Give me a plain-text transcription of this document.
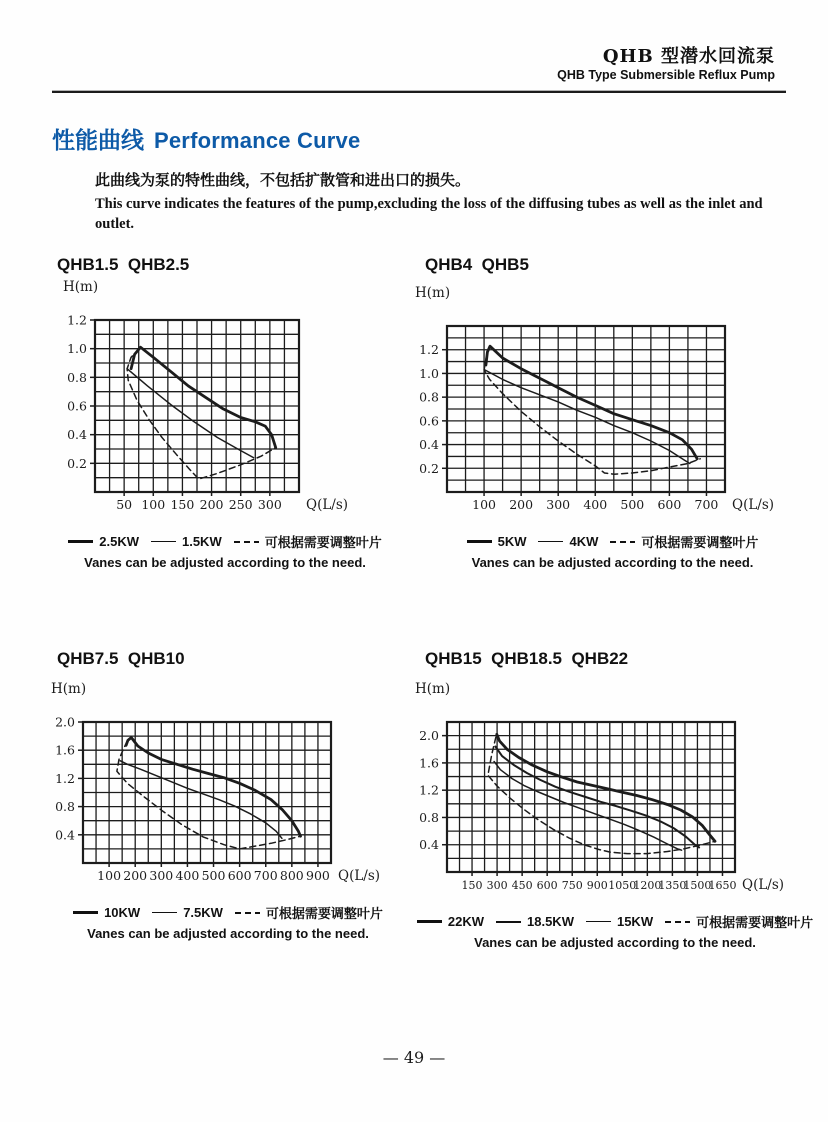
QHB 型潜水回流泵
QHB Type Submersible Reflux Pump
性能曲线 Performance Curve
此曲线为泵的特性曲线，不包括扩散管和进出口的损失。
This curve indicates the features of the pump,excluding the loss of the diffusing tubes as well as the inlet and outlet.
QHB1.5  QHB2.5
1.2
1.0
0.8
0.6
0.4
0.2
50 100 150 200 250 300
H(m)
Q(L/s)
2.5KW	1.5KW	可根据需要调整叶片
Vanes can be adjusted according to the need.
QHB4  QHB5
1.2
1.0
0.8
0.6
0.4
0.2
100 200 300 400 500 600 700
H(m)
Q(L/s)
5KW	4KW	可根据需要调整叶片
Vanes can be adjusted according to the need.
QHB7.5  QHB10
2.0
1.6
1.2
0.8
0.4
100 200 300 400 500 600 700 800 900
H(m)
Q(L/s)
10KW	7.5KW	可根据需要调整叶片
Vanes can be adjusted according to the need.
QHB15  QHB18.5  QHB22
2.0
1.6
1.2
0.8
0.4
150 300 450 600 750 900 1050
1200
1350
1500
1650
H(m)
Q(L/s)
22KW	18.5KW	15KW	可根据需要调整叶片
Vanes can be adjusted according to the need.
— 49 —
